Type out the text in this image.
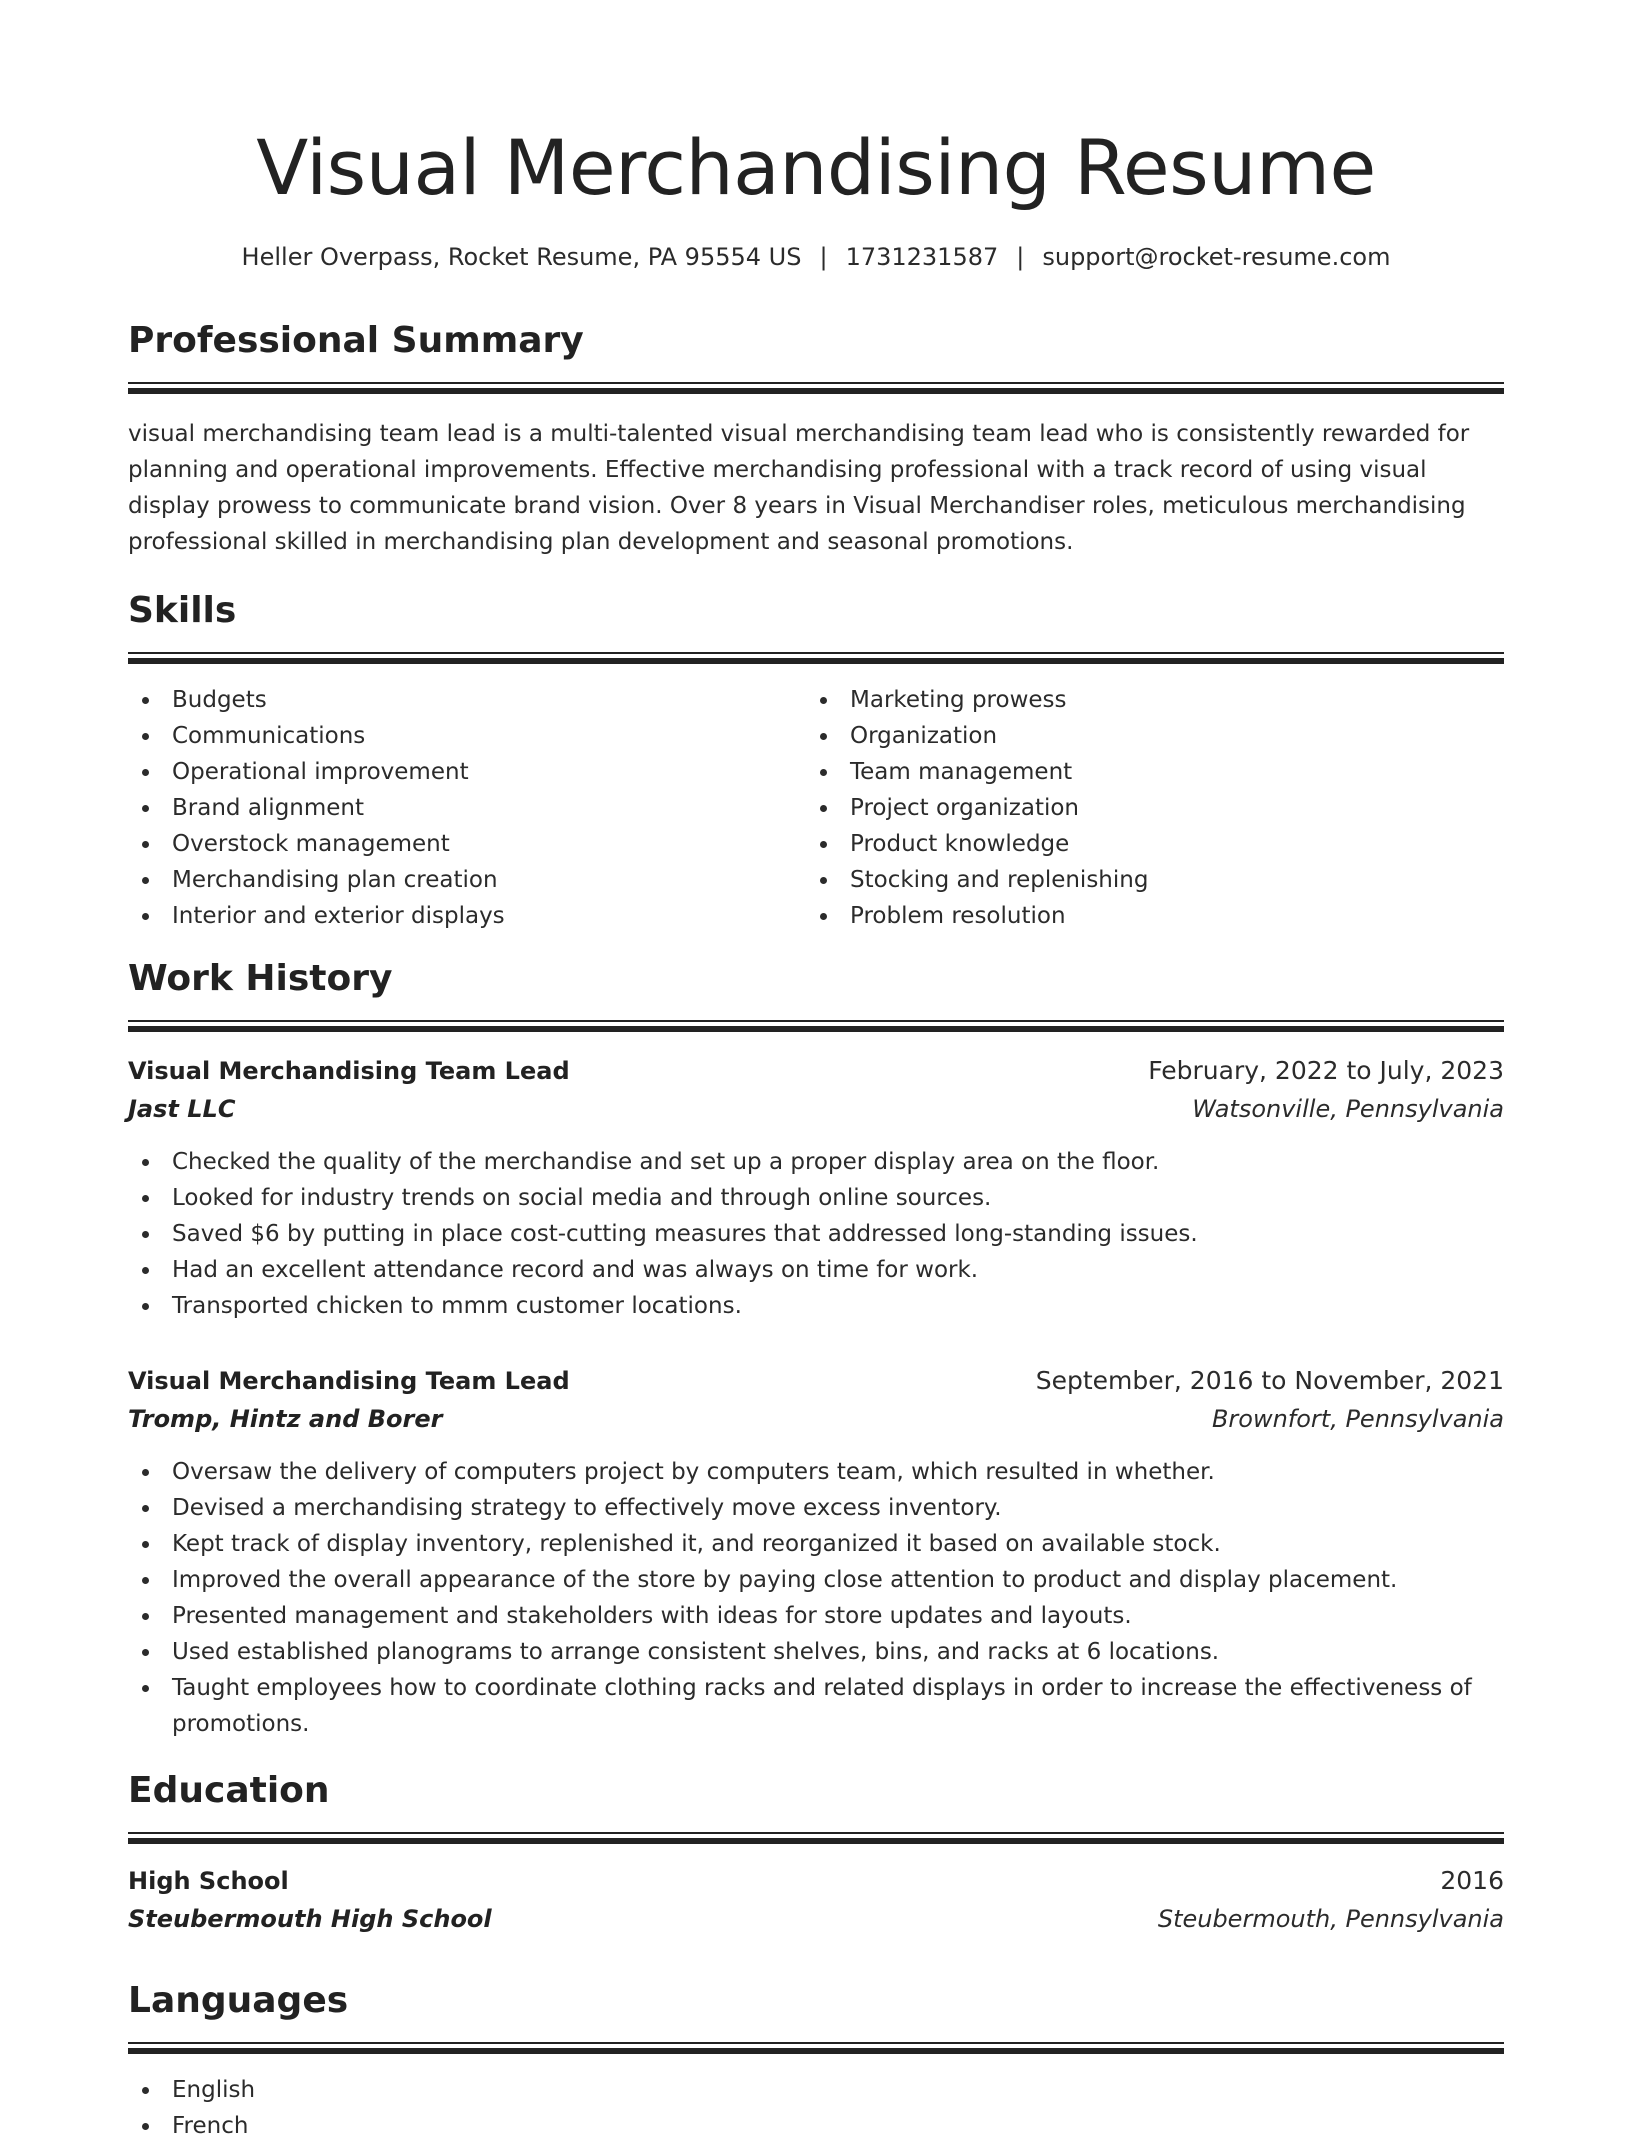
Visual Merchandising Resume
Heller Overpass, Rocket Resume, PA 95554 US | 1731231587 | support@rocket-resume.com
Professional Summary

visual merchandising team lead is a multi-talented visual merchandising team lead who is consistently rewarded for planning and operational improvements. Effective merchandising professional with a track record of using visual display prowess to communicate brand vision. Over 8 years in Visual Merchandiser roles, meticulous merchandising professional skilled in merchandising plan development and seasonal promotions.

Skills
Budgets
Communications
Operational improvement
Brand alignment
Overstock management
Merchandising plan creation
Interior and exterior displays
Marketing prowess
Organization
Team management
Project organization
Product knowledge
Stocking and replenishing
Problem resolution
Work History
Visual Merchandising Team Lead	February, 2022 to July, 2023
Jast LLC	Watsonville, Pennsylvania
Checked the quality of the merchandise and set up a proper display area on the floor.
Looked for industry trends on social media and through online sources.
Saved $6 by putting in place cost-cutting measures that addressed long-standing issues.
Had an excellent attendance record and was always on time for work.
Transported chicken to mmm customer locations.
Visual Merchandising Team Lead	September, 2016 to November, 2021
Tromp, Hintz and Borer	Brownfort, Pennsylvania
Oversaw the delivery of computers project by computers team, which resulted in whether.
Devised a merchandising strategy to effectively move excess inventory.
Kept track of display inventory, replenished it, and reorganized it based on available stock.
Improved the overall appearance of the store by paying close attention to product and display placement.
Presented management and stakeholders with ideas for store updates and layouts.
Used established planograms to arrange consistent shelves, bins, and racks at 6 locations.
Taught employees how to coordinate clothing racks and related displays in order to increase the effectiveness of promotions.
Education
High School	2016
Steubermouth High School	Steubermouth, Pennsylvania
Languages
English
French
